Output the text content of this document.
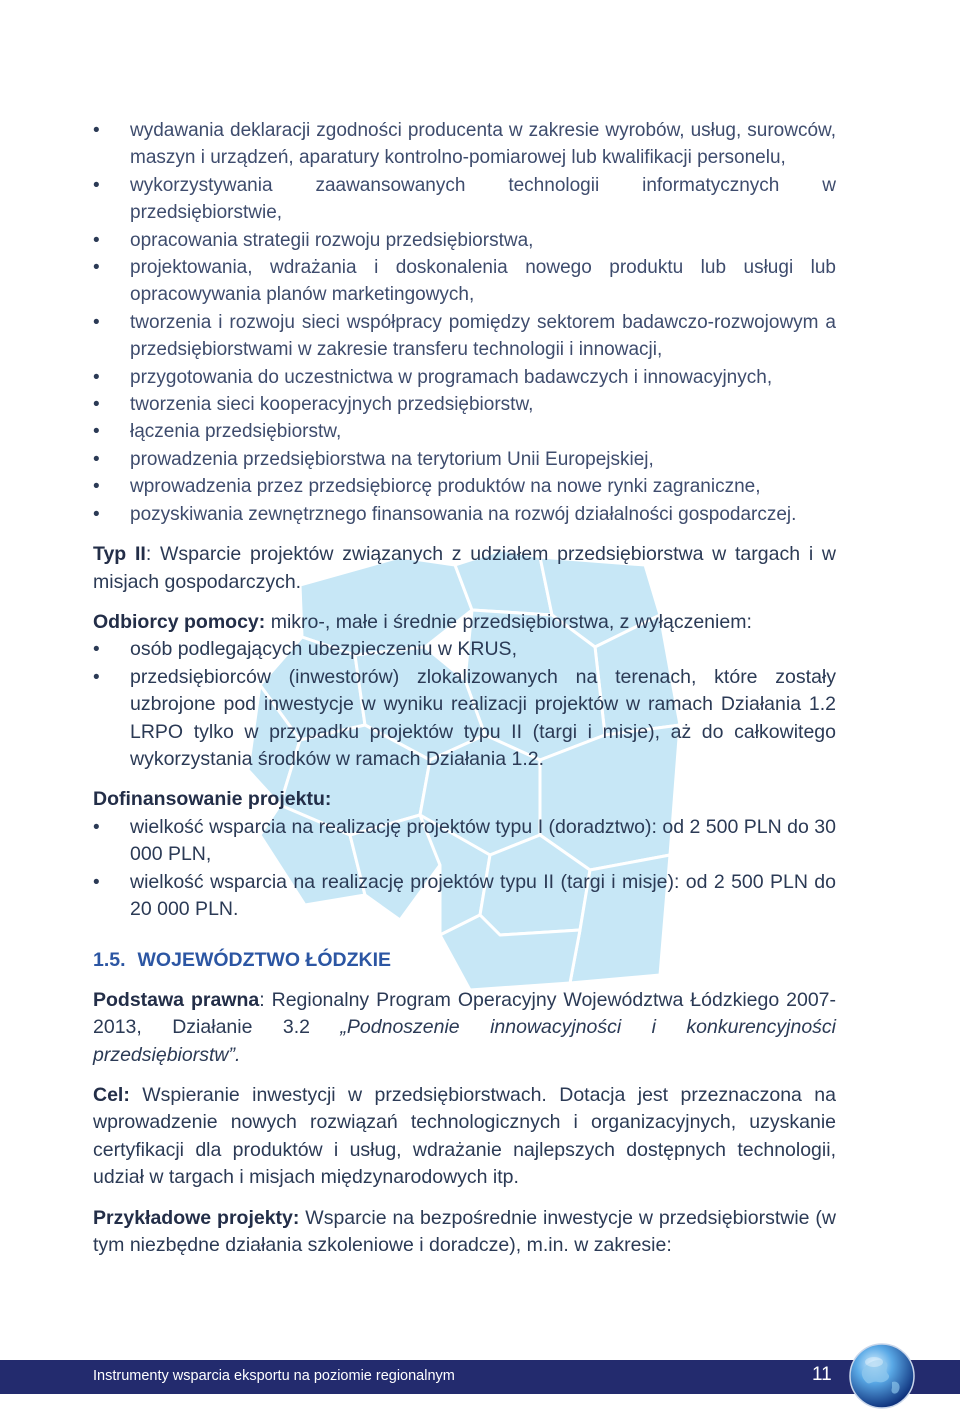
• wydawania deklaracji zgodności producenta w zakresie wyrobów, usług, surowców, maszyn i urządzeń, aparatury kontrolno-pomiarowej lub kwalifikacji personelu,
• wykorzystywania zaawansowanych technologii informatycznych w przedsiębiorstwie,
• opracowania strategii rozwoju przedsiębiorstwa,
• projektowania, wdrażania i doskonalenia nowego produktu lub usługi lub opracowywania planów marketingowych,
• tworzenia i rozwoju sieci współpracy pomiędzy sektorem badawczo-rozwojowym a przedsiębiorstwami w zakresie transferu technologii i innowacji,
• przygotowania do uczestnictwa w programach badawczych i innowacyjnych,
• tworzenia sieci kooperacyjnych przedsiębiorstw,
• łączenia przedsiębiorstw,
• prowadzenia przedsiębiorstwa na terytorium Unii Europejskiej,
• wprowadzenia przez przedsiębiorcę produktów na nowe rynki zagraniczne,
• pozyskiwania zewnętrznego finansowania na rozwój działalności gospodarczej.

Typ II: Wsparcie projektów związanych z udziałem przedsiębiorstwa w targach i w misjach gospodarczych.

Odbiorcy pomocy: mikro-, małe i średnie przedsiębiorstwa, z wyłączeniem:

• osób podlegających ubezpieczeniu w KRUS,
• przedsiębiorców (inwestorów) zlokalizowanych na terenach, które zostały uzbrojone pod inwestycje w wyniku realizacji projektów w ramach Działania 1.2 LRPO tylko w przypadku projektów typu II (targi i misje), aż do całkowitego wykorzystania środków w ramach Działania 1.2.

Dofinansowanie projektu:

• wielkość wsparcia na realizację projektów typu I (doradztwo): od 2 500 PLN do 30 000 PLN,
• wielkość wsparcia na realizację projektów typu II (targi i misje): od 2 500 PLN do 20 000 PLN.
1.5. WOJEWÓDZTWO ŁÓDZKIE

Podstawa prawna: Regionalny Program Operacyjny Województwa Łódzkiego 2007-2013, Działanie 3.2 „Podnoszenie innowacyjności i konkurencyjności przedsiębiorstw”.

Cel: Wspieranie inwestycji w przedsiębiorstwach. Dotacja jest przeznaczona na wprowadzenie nowych rozwiązań technologicznych i organizacyjnych, uzyskanie certyfikacji dla produktów i usług, wdrażanie najlepszych dostępnych technologii, udział w targach i misjach międzynarodowych itp.

Przykładowe projekty: Wsparcie na bezpośrednie inwestycje w przedsiębiorstwie (w tym niezbędne działania szkoleniowe i doradcze), m.in. w zakresie:

Instrumenty wsparcia eksportu na poziomie regionalnym	11
